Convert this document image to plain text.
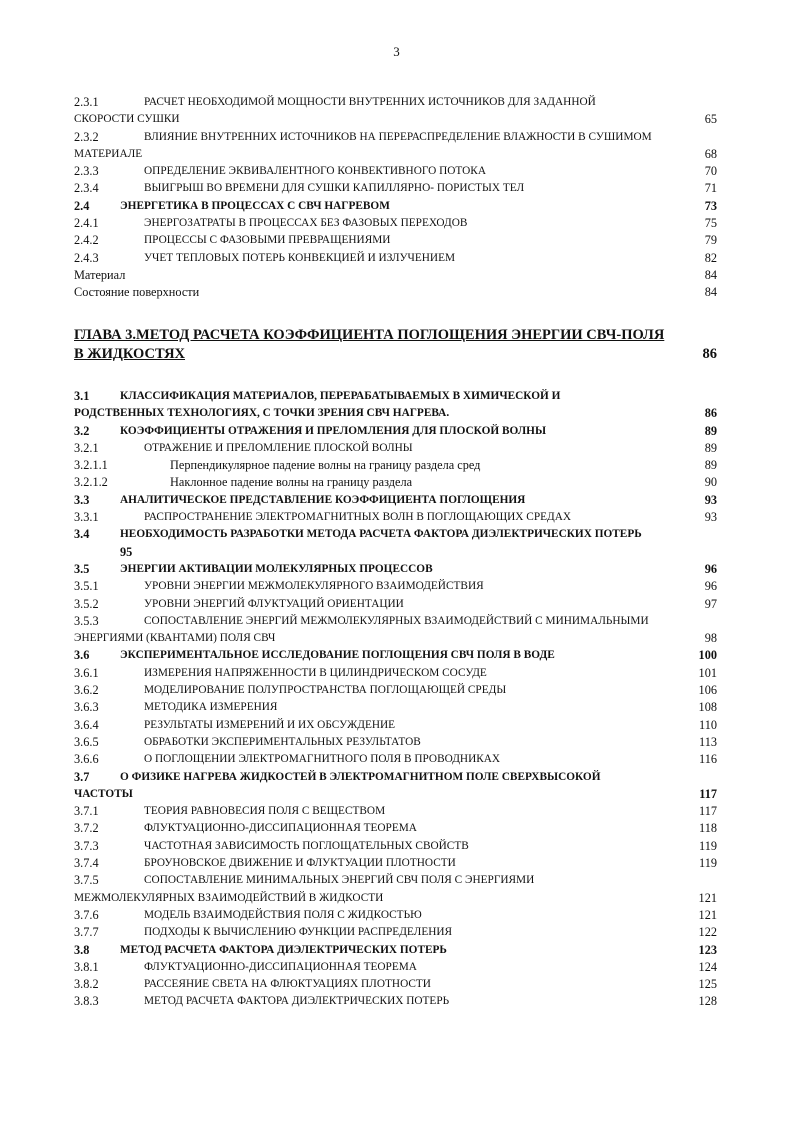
3
2.3.1	РАСЧЕТ НЕОБХОДИМОЙ МОЩНОСТИ ВНУТРЕННИХ ИСТОЧНИКОВ ДЛЯ ЗАДАННОЙ
СКОРОСТИ СУШКИ	65
2.3.2	ВЛИЯНИЕ ВНУТРЕННИХ ИСТОЧНИКОВ НА ПЕРЕРАСПРЕДЕЛЕНИЕ ВЛАЖНОСТИ В СУШИМОМ
МАТЕРИАЛЕ	68
2.3.3	ОПРЕДЕЛЕНИЕ ЭКВИВАЛЕНТНОГО КОНВЕКТИВНОГО ПОТОКА	70
2.3.4	ВЫИГРЫШ ВО ВРЕМЕНИ ДЛЯ СУШКИ КАПИЛЛЯРНО- ПОРИСТЫХ ТЕЛ	71
2.4	ЭНЕРГЕТИКА В ПРОЦЕССАХ С СВЧ НАГРЕВОМ	73
2.4.1	ЭНЕРГОЗАТРАТЫ В ПРОЦЕССАХ БЕЗ ФАЗОВЫХ ПЕРЕХОДОВ	75
2.4.2	ПРОЦЕССЫ С ФАЗОВЫМИ ПРЕВРАЩЕНИЯМИ	79
2.4.3	УЧЕТ ТЕПЛОВЫХ ПОТЕРЬ КОНВЕКЦИЕЙ И ИЗЛУЧЕНИЕМ	82
Материал	84
Состояние поверхности	84
ГЛАВА 3.МЕТОД РАСЧЕТА КОЭФФИЦИЕНТА ПОГЛОЩЕНИЯ ЭНЕРГИИ СВЧ-ПОЛЯ
В ЖИДКОСТЯХ	86
3.1	КЛАССИФИКАЦИЯ МАТЕРИАЛОВ, ПЕРЕРАБАТЫВАЕМЫХ В ХИМИЧЕСКОЙ И
РОДСТВЕННЫХ ТЕХНОЛОГИЯХ, С ТОЧКИ ЗРЕНИЯ СВЧ НАГРЕВА.	86
3.2	КОЭФФИЦИЕНТЫ ОТРАЖЕНИЯ И ПРЕЛОМЛЕНИЯ ДЛЯ ПЛОСКОЙ ВОЛНЫ	89
3.2.1	ОТРАЖЕНИЕ И ПРЕЛОМЛЕНИЕ ПЛОСКОЙ ВОЛНЫ	89
3.2.1.1	Перпендикулярное падение волны на границу раздела сред	89
3.2.1.2	Наклонное падение волны на границу раздела	90
3.3	АНАЛИТИЧЕСКОЕ ПРЕДСТАВЛЕНИЕ КОЭФФИЦИЕНТА ПОГЛОЩЕНИЯ	93
3.3.1	РАСПРОСТРАНЕНИЕ ЭЛЕКТРОМАГНИТНЫХ ВОЛН В ПОГЛОЩАЮЩИХ СРЕДАХ	93
3.4	НЕОБХОДИМОСТЬ РАЗРАБОТКИ МЕТОДА РАСЧЕТА ФАКТОРА ДИЭЛЕКТРИЧЕСКИХ ПОТЕРЬ
95
3.5	ЭНЕРГИИ АКТИВАЦИИ МОЛЕКУЛЯРНЫХ ПРОЦЕССОВ	96
3.5.1	УРОВНИ ЭНЕРГИИ МЕЖМОЛЕКУЛЯРНОГО ВЗАИМОДЕЙСТВИЯ	96
3.5.2	УРОВНИ ЭНЕРГИЙ ФЛУКТУАЦИЙ ОРИЕНТАЦИИ	97
3.5.3	СОПОСТАВЛЕНИЕ ЭНЕРГИЙ МЕЖМОЛЕКУЛЯРНЫХ ВЗАИМОДЕЙСТВИЙ С МИНИМАЛЬНЫМИ
ЭНЕРГИЯМИ (КВАНТАМИ) ПОЛЯ СВЧ	98
3.6	ЭКСПЕРИМЕНТАЛЬНОЕ ИССЛЕДОВАНИЕ ПОГЛОЩЕНИЯ СВЧ ПОЛЯ В ВОДЕ	100
3.6.1	ИЗМЕРЕНИЯ НАПРЯЖЕННОСТИ В ЦИЛИНДРИЧЕСКОМ СОСУДЕ	101
3.6.2	МОДЕЛИРОВАНИЕ ПОЛУПРОСТРАНСТВА ПОГЛОЩАЮЩЕЙ СРЕДЫ	106
3.6.3	МЕТОДИКА ИЗМЕРЕНИЯ	108
3.6.4	РЕЗУЛЬТАТЫ ИЗМЕРЕНИЙ И ИХ ОБСУЖДЕНИЕ	110
3.6.5	ОБРАБОТКИ ЭКСПЕРИМЕНТАЛЬНЫХ РЕЗУЛЬТАТОВ	113
3.6.6	О ПОГЛОЩЕНИИ ЭЛЕКТРОМАГНИТНОГО ПОЛЯ В ПРОВОДНИКАХ	116
3.7	О ФИЗИКЕ НАГРЕВА ЖИДКОСТЕЙ В ЭЛЕКТРОМАГНИТНОМ ПОЛЕ СВЕРХВЫСОКОЙ
ЧАСТОТЫ	117
3.7.1	ТЕОРИЯ РАВНОВЕСИЯ ПОЛЯ С ВЕЩЕСТВОМ	117
3.7.2	ФЛУКТУАЦИОННО-ДИССИПАЦИОННАЯ ТЕОРЕМА	118
3.7.3	ЧАСТОТНАЯ ЗАВИСИМОСТЬ ПОГЛОЩАТЕЛЬНЫХ СВОЙСТВ	119
3.7.4	БРОУНОВСКОЕ ДВИЖЕНИЕ И ФЛУКТУАЦИИ ПЛОТНОСТИ	119
3.7.5	СОПОСТАВЛЕНИЕ МИНИМАЛЬНЫХ ЭНЕРГИЙ СВЧ ПОЛЯ С ЭНЕРГИЯМИ
МЕЖМОЛЕКУЛЯРНЫХ ВЗАИМОДЕЙСТВИЙ В ЖИДКОСТИ	121
3.7.6	МОДЕЛЬ ВЗАИМОДЕЙСТВИЯ ПОЛЯ С ЖИДКОСТЬЮ	121
3.7.7	ПОДХОДЫ К ВЫЧИСЛЕНИЮ ФУНКЦИИ РАСПРЕДЕЛЕНИЯ	122
3.8	МЕТОД РАСЧЕТА ФАКТОРА ДИЭЛЕКТРИЧЕСКИХ ПОТЕРЬ	123
3.8.1	ФЛУКТУАЦИОННО-ДИССИПАЦИОННАЯ ТЕОРЕМА	124
3.8.2	РАССЕЯНИЕ СВЕТА НА ФЛЮКТУАЦИЯХ ПЛОТНОСТИ	125
3.8.3	МЕТОД РАСЧЕТА ФАКТОРА ДИЭЛЕКТРИЧЕСКИХ ПОТЕРЬ	128
